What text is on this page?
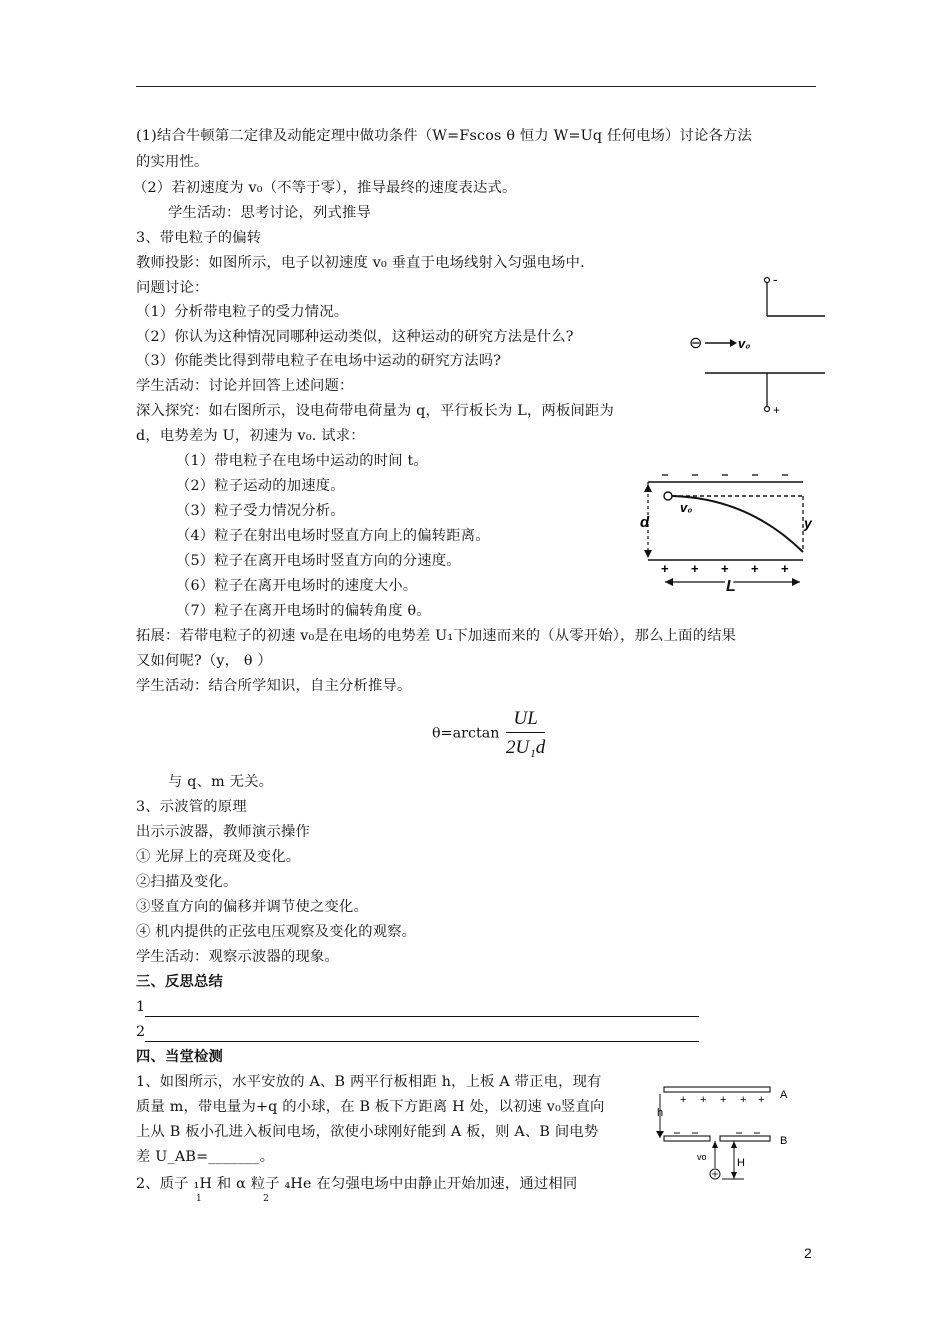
(1)结合牛顿第二定律及动能定理中做功条件（W=Fscos θ 恒力 W=Uq 任何电场）讨论各方法
的实用性。
（2）若初速度为 v₀（不等于零），推导最终的速度表达式。
学生活动：思考讨论，列式推导
3、带电粒子的偏转
教师投影：如图所示，电子以初速度 v₀ 垂直于电场线射入匀强电场中.
问题讨论：
（1）分析带电粒子的受力情况。
（2）你认为这种情况同哪种运动类似，这种运动的研究方法是什么?
（3）你能类比得到带电粒子在电场中运动的研究方法吗?
学生活动：讨论并回答上述问题：
深入探究：如右图所示，设电荷带电荷量为 q，平行板长为 L，两板间距为
d，电势差为 U，初速为 v₀. 试求：
（1）带电粒子在电场中运动的时间 t。
（2）粒子运动的加速度。
（3）粒子受力情况分析。
（4）粒子在射出电场时竖直方向上的偏转距离。
（5）粒子在离开电场时竖直方向的分速度。
（6）粒子在离开电场时的速度大小。
（7）粒子在离开电场时的偏转角度 θ。
拓展：若带电粒子的初速 v₀是在电场的电势差 U₁下加速而来的（从零开始），那么上面的结果
又如何呢?（y， θ ）
学生活动：结合所学知识，自主分析推导。
$\theta=\arctan \frac{UL}{\text{2U₁d}}$
与 q、m 无关。
3、示波管的原理
出示示波器，教师演示操作
① 光屏上的亮斑及变化。
②扫描及变化。
③竖直方向的偏移并调节使之变化。
④ 机内提供的正弦电压观察及变化的观察。
学生活动：观察示波器的现象。
三、反思总结
1
2
四、当堂检测
1、如图所示，水平安放的 A、B 两平行板相距 h，上板 A 带正电，现有
质量 m，带电量为+q 的小球，在 B 板下方距离 H 处，以初速 v₀竖直向
上从 B 板小孔进入板间电场，欲使小球刚好能到 A 板，则 A、B 间电势
差 U_AB=_______。
2、质子 ₁H 和 α 粒子 ₄He 在匀强电场中由静止开始加速，通过相同
1                    2
-
+
⊖	v₀
d
v₀
y
+ + + + +
L
A
+ + + + +
h
B
vo	H
2
